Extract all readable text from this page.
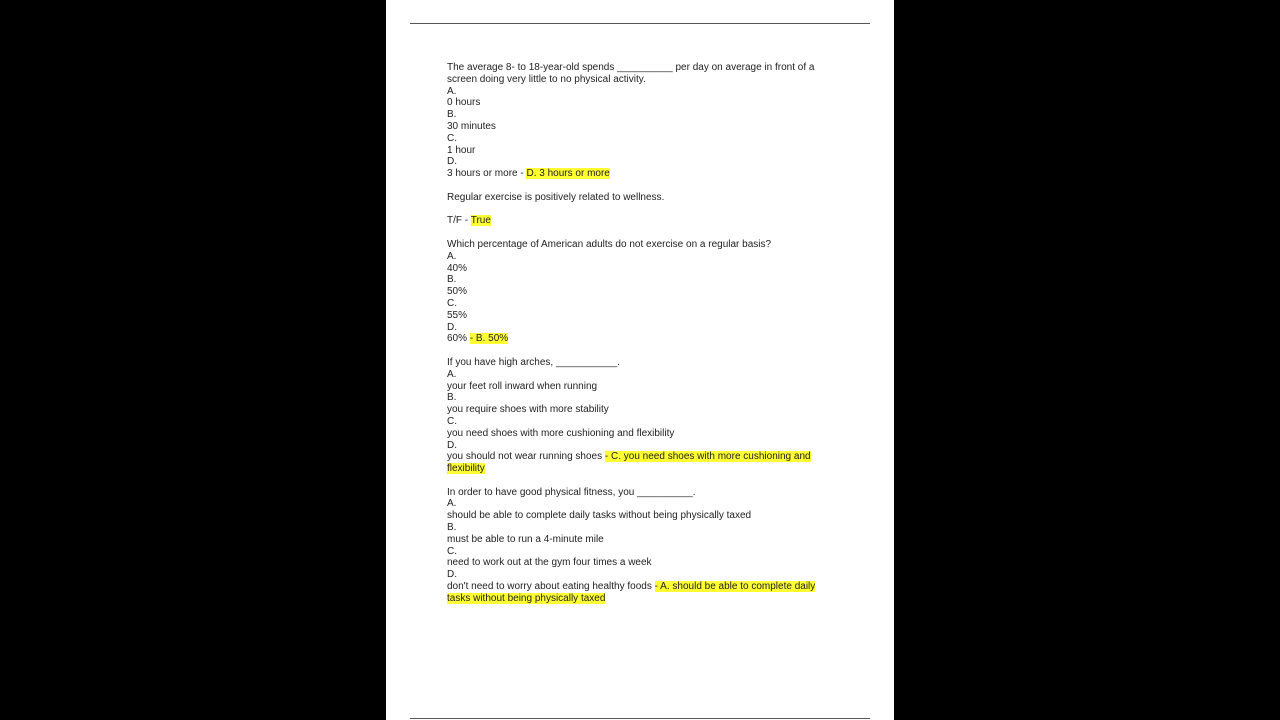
The average 8- to 18-year-old spends __________ per day on average in front of a screen doing very little to no physical activity.
A.
0 hours
B.
30 minutes
C.
1 hour
D.
3 hours or more - D. 3 hours or more
Regular exercise is positively related to wellness.
T/F - True
Which percentage of American adults do not exercise on a regular basis?
A.
40%
B.
50%
C.
55%
D.
60% - B. 50%
If you have high arches, ___________.
A.
your feet roll inward when running
B.
you require shoes with more stability
C.
you need shoes with more cushioning and flexibility
D.
you should not wear running shoes - C. you need shoes with more cushioning and flexibility
In order to have good physical fitness, you __________.
A.
should be able to complete daily tasks without being physically taxed
B.
must be able to run a 4-minute mile
C.
need to work out at the gym four times a week
D.
don't need to worry about eating healthy foods - A. should be able to complete daily tasks without being physically taxed
